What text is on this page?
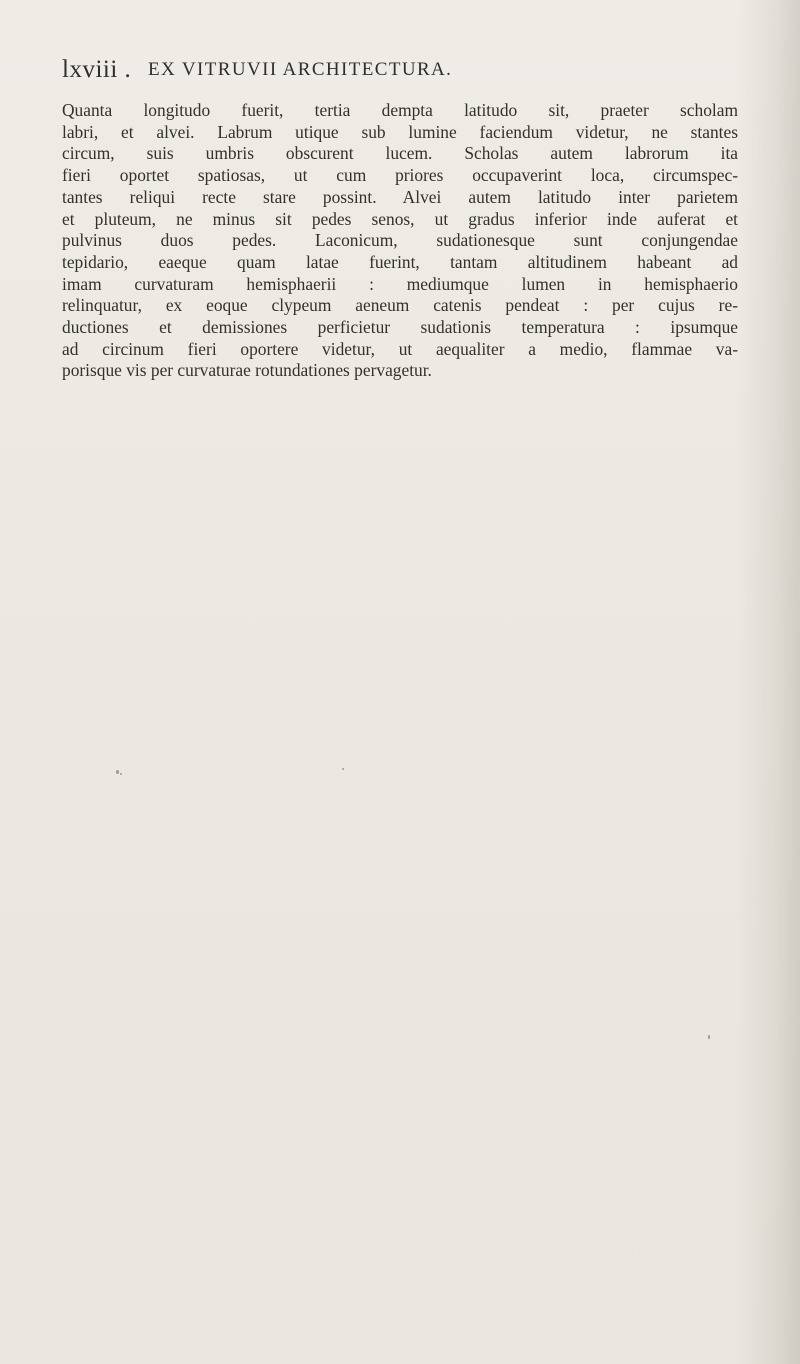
lxviii . EX VITRUVII ARCHITECTURA.
Quanta longitudo fuerit, tertia dempta latitudo sit, praeter scholam
labri, et alvei. Labrum utique sub lumine faciendum videtur, ne stantes
circum, suis umbris obscurent lucem. Scholas autem labrorum ita
fieri oportet spatiosas, ut cum priores occupaverint loca, circumspec-
tantes reliqui recte stare possint. Alvei autem latitudo inter parietem
et pluteum, ne minus sit pedes senos, ut gradus inferior inde auferat et
pulvinus duos pedes. Laconicum, sudationesque sunt conjungendae
tepidario, eaeque quam latae fuerint, tantam altitudinem habeant ad
imam curvaturam hemisphaerii : mediumque lumen in hemisphaerio
relinquatur, ex eoque clypeum aeneum catenis pendeat : per cujus re-
ductiones et demissiones perficietur sudationis temperatura : ipsumque
ad circinum fieri oportere videtur, ut aequaliter a medio, flammae va-
porisque vis per curvaturae rotundationes pervagetur.
